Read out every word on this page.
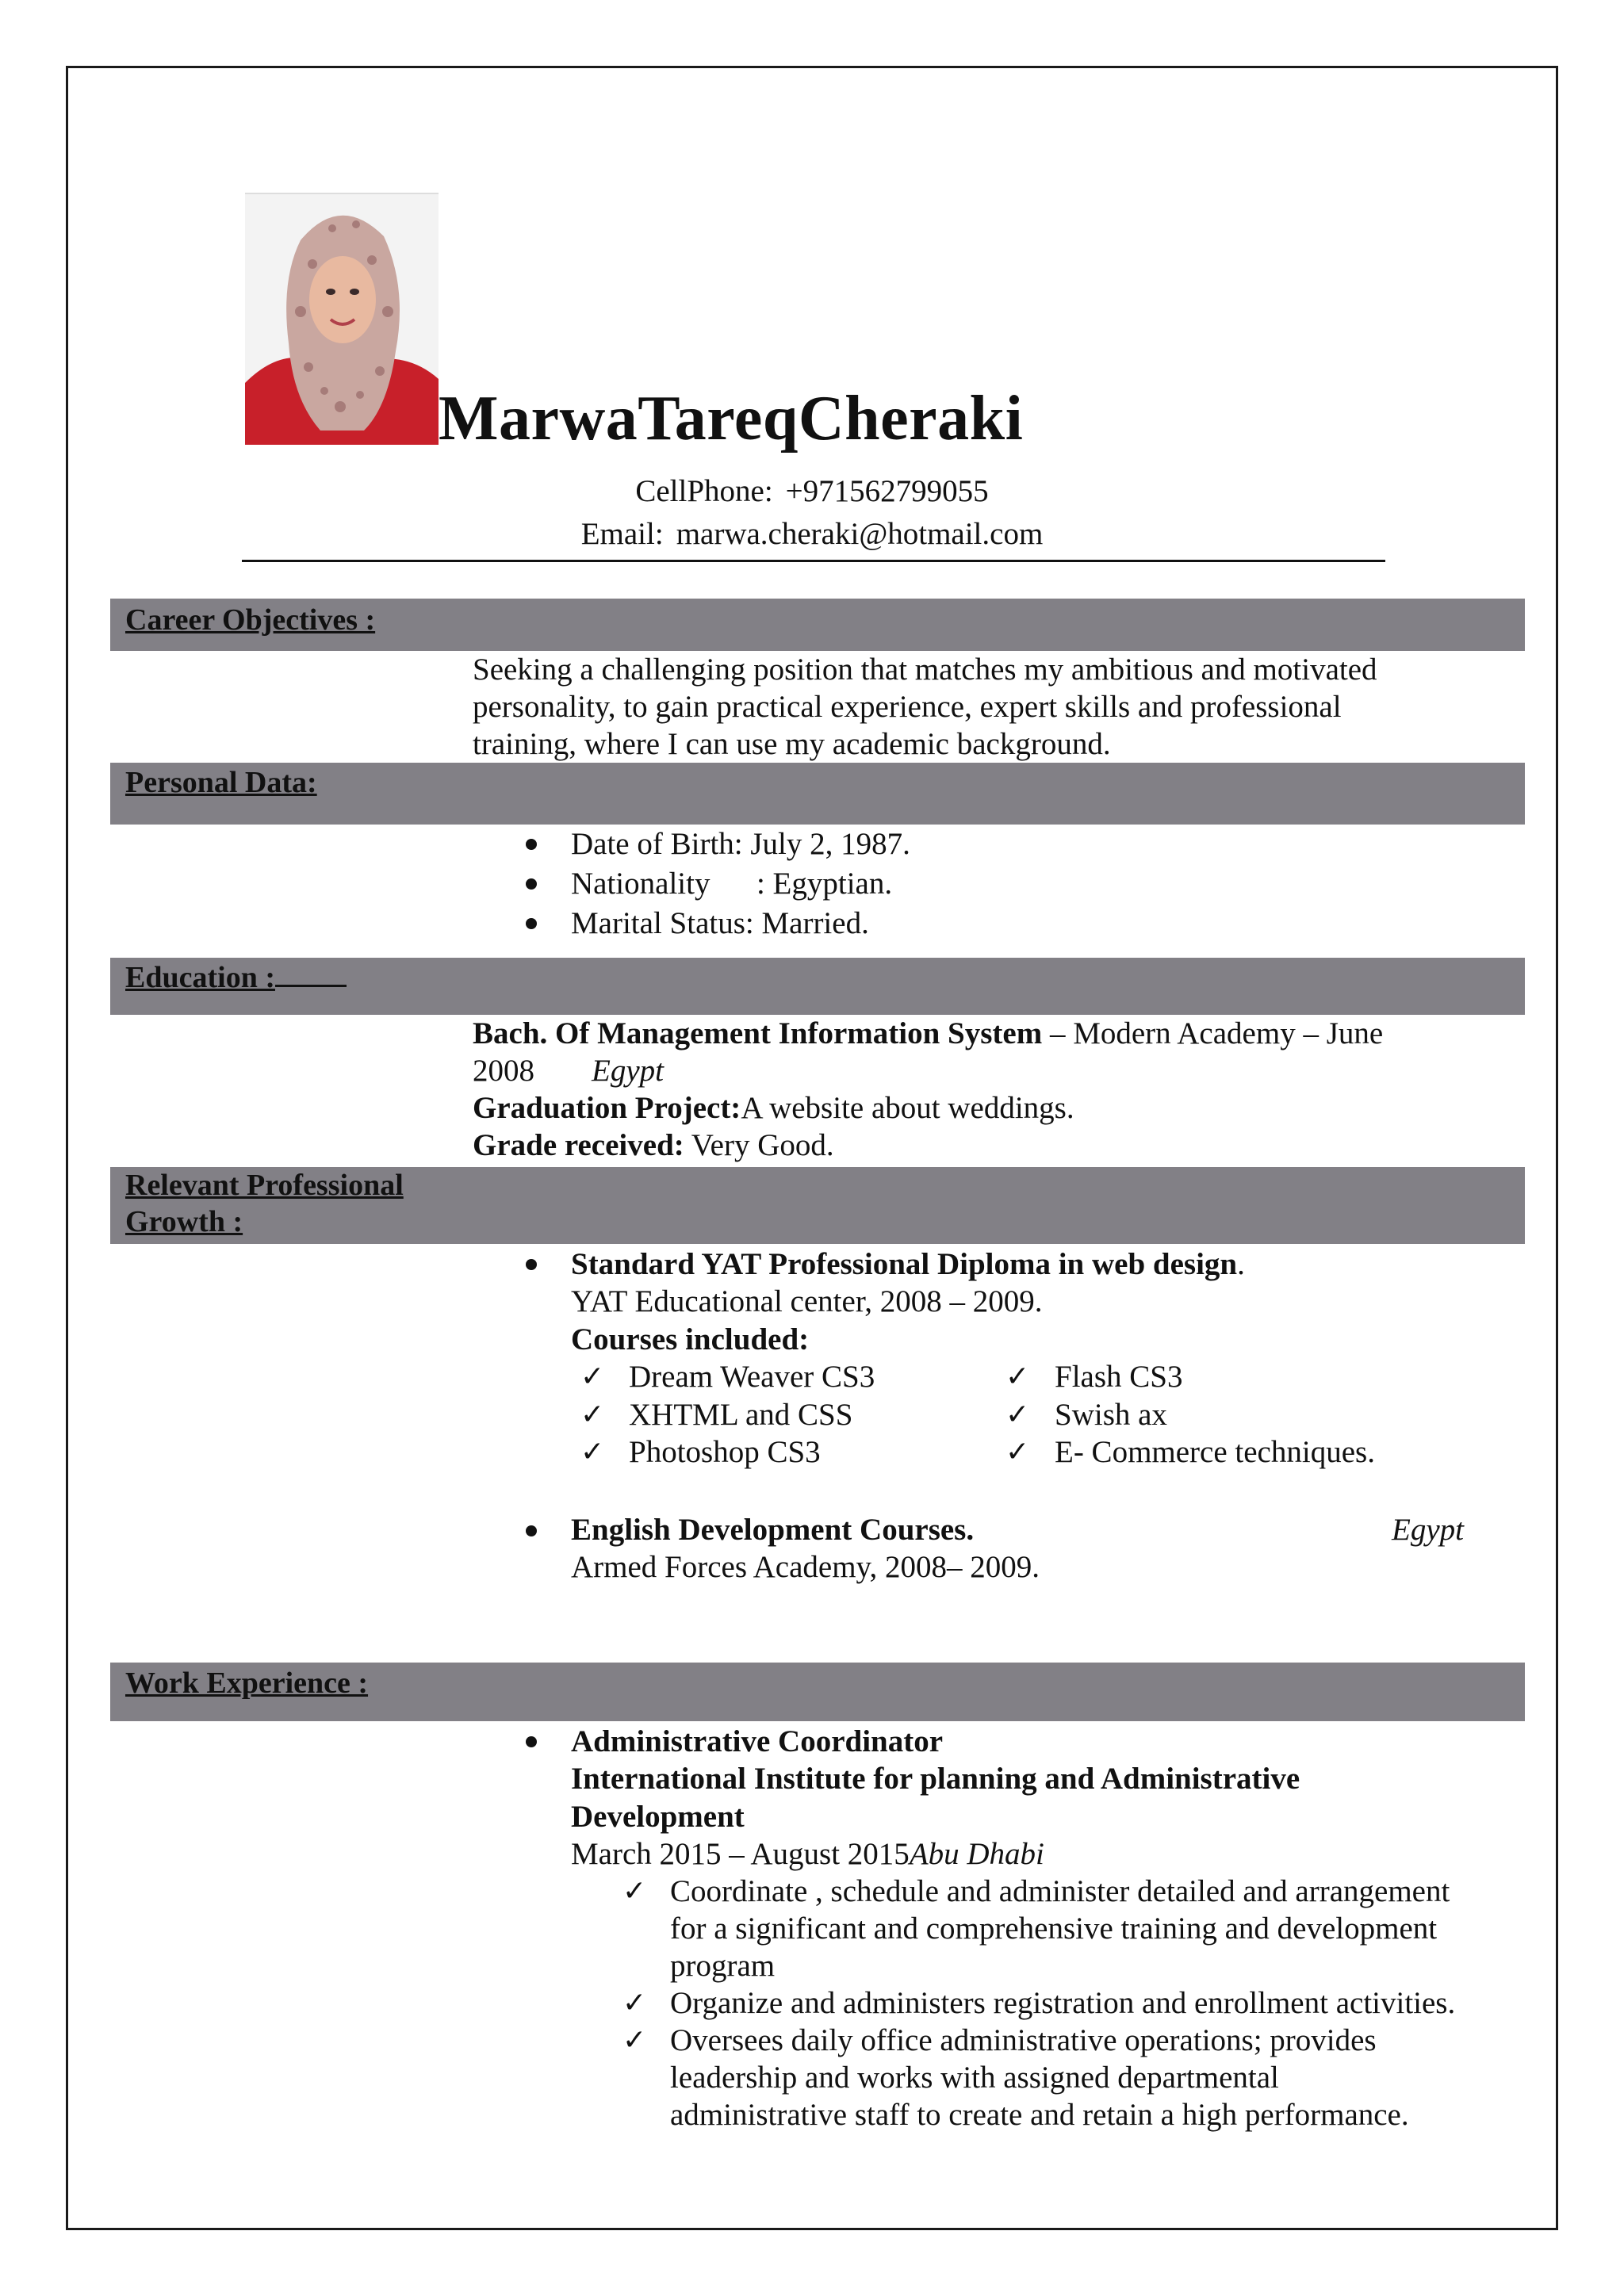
MarwaTareqCheraki
CellPhone: +971562799055
Email: marwa.cheraki@hotmail.com
Career Objectives :
Seeking a challenging position that matches my ambitious and motivated
personality, to gain practical experience, expert skills and professional
training, where I can use my academic background.
Personal Data:
Date of Birth: July 2, 1987.
Nationality      : Egyptian.
Marital Status: Married.
Education :
Bach. Of Management Information System – Modern Academy – June
2008 Egypt
Graduation Project:A website about weddings.
Grade received: Very Good.
Relevant Professional
Growth :
Standard YAT Professional Diploma in web design.
YAT Educational center, 2008 – 2009.
Courses included:
✓ Dream Weaver CS3
✓ XHTML and CSS
✓ Photoshop CS3
✓ Flash CS3
✓ Swish ax
✓ E- Commerce techniques.
English Development Courses.	Egypt
Armed Forces Academy, 2008– 2009.
Work Experience :
Administrative Coordinator
International Institute for planning and Administrative
Development
March 2015 – August 2015Abu Dhabi
✓ Coordinate , schedule and administer detailed and arrangement
for a significant and comprehensive training and development
program
✓ Organize and administers registration and enrollment activities.
✓ Oversees daily office administrative operations; provides
leadership and works with assigned departmental
administrative staff to create and retain a high performance.
